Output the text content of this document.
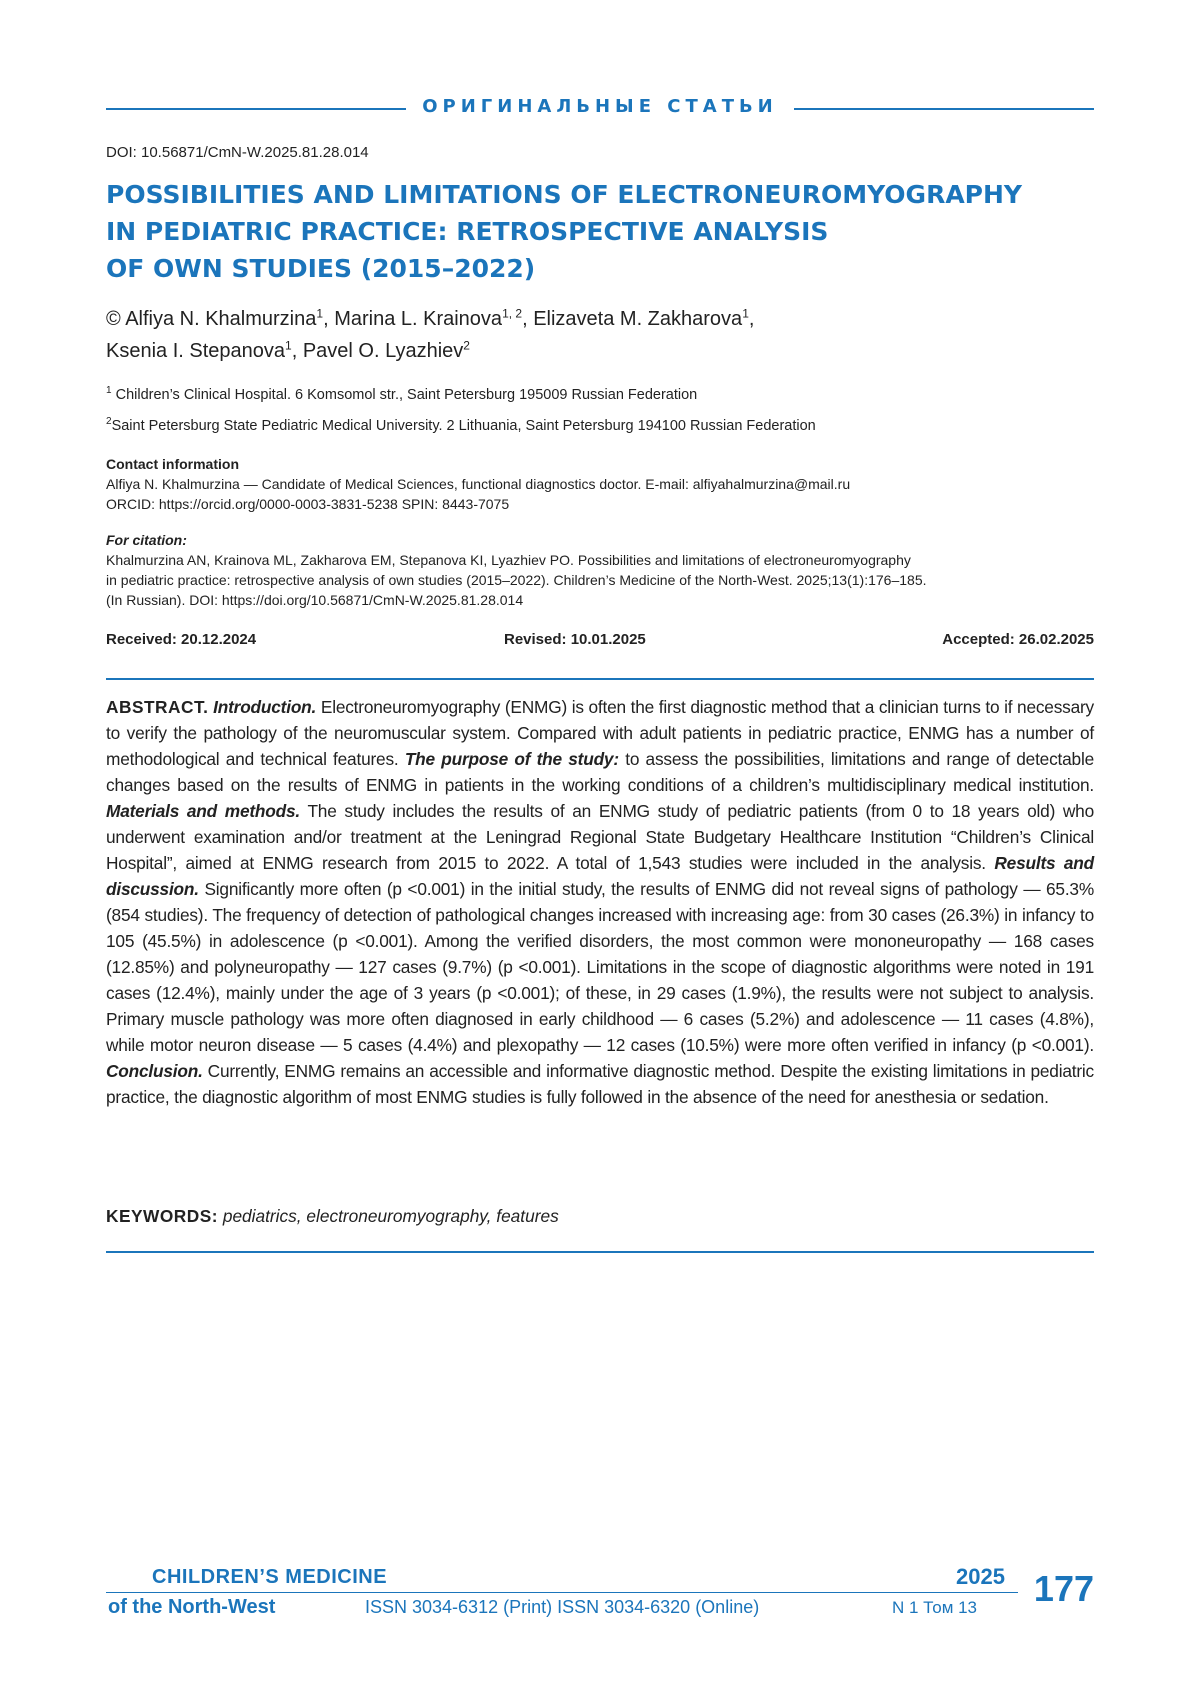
ОРИГИНАЛЬНЫЕ СТАТЬИ
DOI: 10.56871/CmN-W.2025.81.28.014
POSSIBILITIES AND LIMITATIONS OF ELECTRONEUROMYOGRAPHY
IN PEDIATRIC PRACTICE: RETROSPECTIVE ANALYSIS
OF OWN STUDIES (2015–2022)
© Alfiya N. Khalmurzina$^1$, Marina L. Krainova$^{1, 2}$, Elizaveta M. Zakharova$^1$,
Ksenia I. Stepanova$^1$, Pavel O. Lyazhiev$^2$
$^1$ Children’s Clinical Hospital. 6 Komsomol str., Saint Petersburg 195009 Russian Federation
$^2$Saint Petersburg State Pediatric Medical University. 2 Lithuania, Saint Petersburg 194100 Russian Federation
Contact information
Alfiya N. Khalmurzina — Candidate of Medical Sciences, functional diagnostics doctor. E-mail: alfiyahalmurzina@mail.ru
ORCID: https://orcid.org/0000-0003-3831-5238 SPIN: 8443-7075
For citation:
Khalmurzina AN, Krainova ML, Zakharova EM, Stepanova KI, Lyazhiev PO. Possibilities and limitations of electroneuromyography
in pediatric practice: retrospective analysis of own studies (2015–2022). Children’s Medicine of the North-West. 2025;13(1):176–185.
(In Russian). DOI: https://doi.org/10.56871/CmN-W.2025.81.28.014
Received: 20.12.2024	Revised: 10.01.2025	Accepted: 26.02.2025

ABSTRACT. Introduction. Electroneuromyography (ENMG) is often the first diagnostic method that a clinician turns to if necessary to verify the pathology of the neuromuscular system. Compared with adult patients in pediatric practice, ENMG has a number of methodological and technical features. The purpose of the study: to assess the possibilities, limitations and range of detectable changes based on the results of ENMG in patients in the working conditions of a children’s multidisciplinary medical institution. Materials and methods. The study includes the results of an ENMG study of pediatric patients (from 0 to 18 years old) who underwent examination and/or treatment at the Leningrad Regional State Budgetary Healthcare Institution “Children’s Clinical Hospital”, aimed at ENMG research from 2015 to 2022. A total of 1,543 studies were included in the analysis. Results and discussion. Significantly more often (p <0.001) in the initial study, the results of ENMG did not reveal signs of pathology — 65.3% (854 studies). The frequency of detection of pathological changes increased with increasing age: from 30 cases (26.3%) in infancy to 105 (45.5%) in adolescence (p <0.001). Among the verified disorders, the most common were mononeuropathy — 168 cases (12.85%) and polyneuropathy — 127 cases (9.7%) (p <0.001). Limitations in the scope of diagnostic algorithms were noted in 191 cases (12.4%), mainly under the age of 3 years (p <0.001); of these, in 29 cases (1.9%), the results were not subject to analysis. Primary muscle pathology was more often diagnosed in early childhood — 6 cases (5.2%) and adolescence — 11 cases (4.8%), while motor neuron disease — 5 cases (4.4%) and plexopathy — 12 cases (10.5%) were more often verified in infancy (p <0.001). Conclusion. Currently, ENMG remains an accessible and informative diagnostic method. Despite the existing limitations in pediatric practice, the diagnostic algorithm of most ENMG studies is fully followed in the absence of the need for anesthesia or sedation.

KEYWORDS: pediatrics, electroneuromyography, features
CHILDREN’S MEDICINE
of the North-West	ISSN 3034-6312 (Print) ISSN 3034-6320 (Online)
2025
N 1 Том 13 177
